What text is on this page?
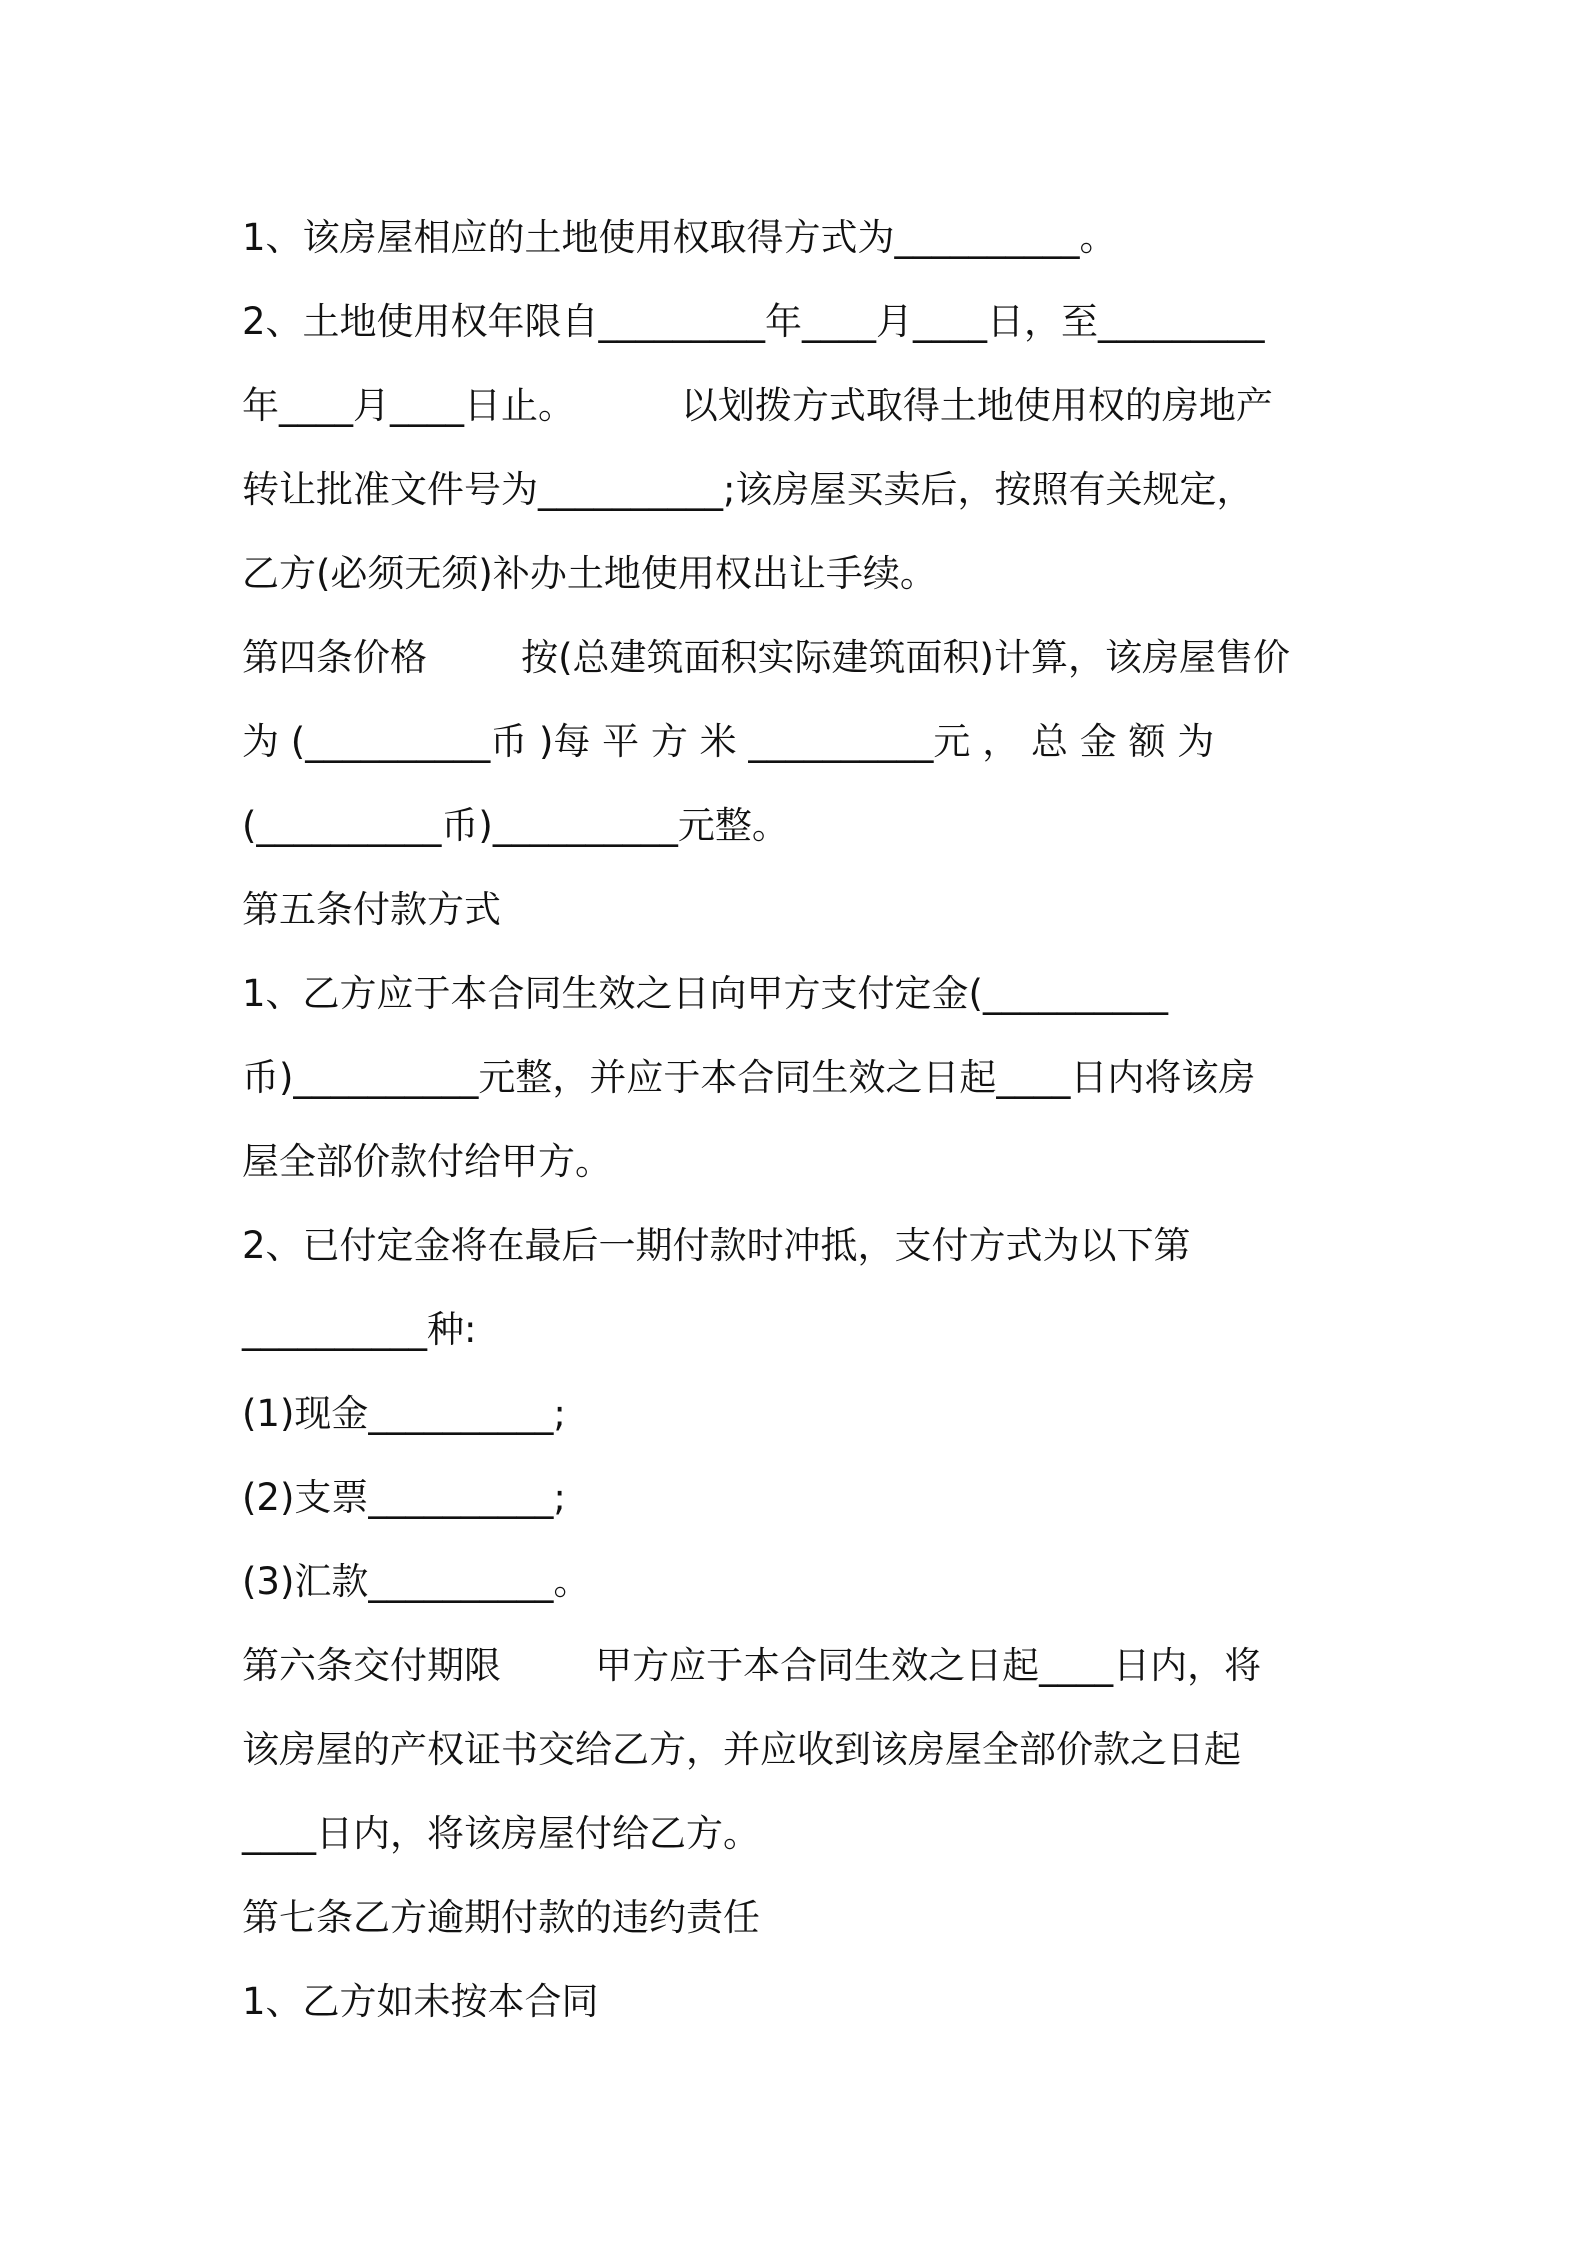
1、该房屋相应的土地使用权取得方式为__________。
2、土地使用权年限自_________年____月____日，至_________
年____月____日止。         以划拨方式取得土地使用权的房地产
转让批准文件号为__________;该房屋买卖后，按照有关规定，
乙方(必须无须)补办土地使用权出让手续。
第四条价格        按(总建筑面积实际建筑面积)计算，该房屋售价
为 (__________币 )每 平 方 米 __________元 ， 总 金 额 为
(__________币)__________元整。
第五条付款方式
1、乙方应于本合同生效之日向甲方支付定金(__________
币)__________元整，并应于本合同生效之日起____日内将该房
屋全部价款付给甲方。
2、已付定金将在最后一期付款时冲抵，支付方式为以下第
__________种:
(1)现金__________;
(2)支票__________;
(3)汇款__________。
第六条交付期限        甲方应于本合同生效之日起____日内，将
该房屋的产权证书交给乙方，并应收到该房屋全部价款之日起
____日内，将该房屋付给乙方。
第七条乙方逾期付款的违约责任
1、乙方如未按本合同
